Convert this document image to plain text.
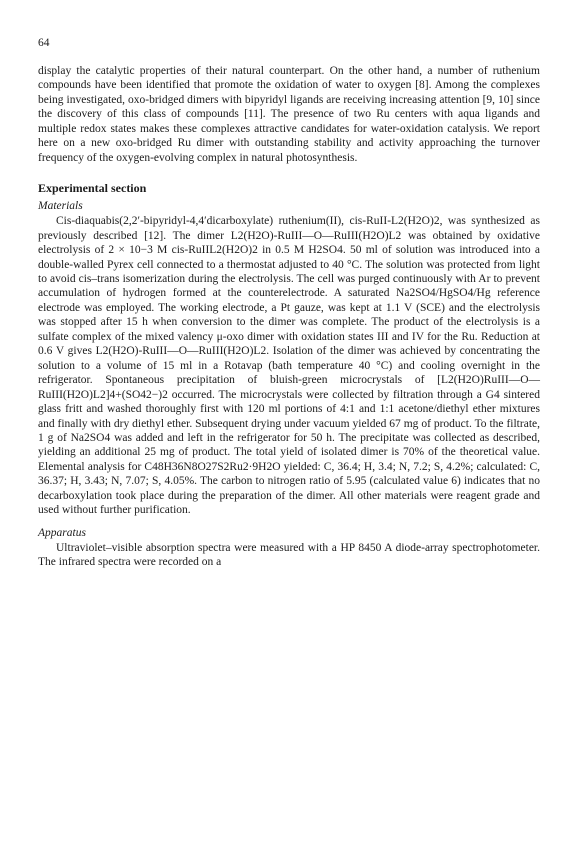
64

display the catalytic properties of their natural counterpart. On the other hand, a number of ruthenium compounds have been identified that promote the oxidation of water to oxygen [8]. Among the complexes being investigated, oxo-bridged dimers with bipyridyl ligands are receiving increasing attention [9, 10] since the discovery of this class of compounds [11]. The presence of two Ru centers with aqua ligands and multiple redox states makes these complexes attractive candidates for water-oxidation catalysis. We report here on a new oxo-bridged Ru dimer with outstanding stability and activity approaching the turnover frequency of the oxygen-evolving complex in natural photosynthesis.

Experimental section
Materials

Cis-diaquabis(2,2′-bipyridyl-4,4′dicarboxylate) ruthenium(II), cis-RuII-L2(H2O)2, was synthesized as previously described [12]. The dimer L2(H2O)-RuIII—O—RuIII(H2O)L2 was obtained by oxidative electrolysis of 2 × 10−3 M cis-RuIIL2(H2O)2 in 0.5 M H2SO4. 50 ml of solution was introduced into a double-walled Pyrex cell connected to a thermostat adjusted to 40 °C. The solution was protected from light to avoid cis–trans isomerization during the electrolysis. The cell was purged continuously with Ar to prevent accumulation of hydrogen formed at the counterelectrode. A saturated Na2SO4/HgSO4/Hg reference electrode was employed. The working electrode, a Pt gauze, was kept at 1.1 V (SCE) and the electrolysis was stopped after 15 h when conversion to the dimer was complete. The product of the electrolysis is a sulfate complex of the mixed valency μ-oxo dimer with oxidation states III and IV for the Ru. Reduction at 0.6 V gives L2(H2O)-RuIII—O—RuIII(H2O)L2. Isolation of the dimer was achieved by concentrating the solution to a volume of 15 ml in a Rotavap (bath temperature 40 °C) and cooling overnight in the refrigerator. Spontaneous precipitation of bluish-green microcrystals of [L2(H2O)RuIII—O—RuIII(H2O)L2]4+(SO42−)2 occurred. The microcrystals were collected by filtration through a G4 sintered glass fritt and washed thoroughly first with 120 ml portions of 4:1 and 1:1 acetone/diethyl ether mixtures and finally with dry diethyl ether. Subsequent drying under vacuum yielded 67 mg of product. To the filtrate, 1 g of Na2SO4 was added and left in the refrigerator for 50 h. The precipitate was collected as described, yielding an additional 25 mg of product. The total yield of isolated dimer is 70% of the theoretical value. Elemental analysis for C48H36N8O27S2Ru2·9H2O yielded: C, 36.4; H, 3.4; N, 7.2; S, 4.2%; calculated: C, 36.37; H, 3.43; N, 7.07; S, 4.05%. The carbon to nitrogen ratio of 5.95 (calculated value 6) indicates that no decarboxylation took place during the preparation of the dimer. All other materials were reagent grade and used without further purification.

Apparatus

Ultraviolet–visible absorption spectra were measured with a HP 8450 A diode-array spectrophotometer. The infrared spectra were recorded on a
